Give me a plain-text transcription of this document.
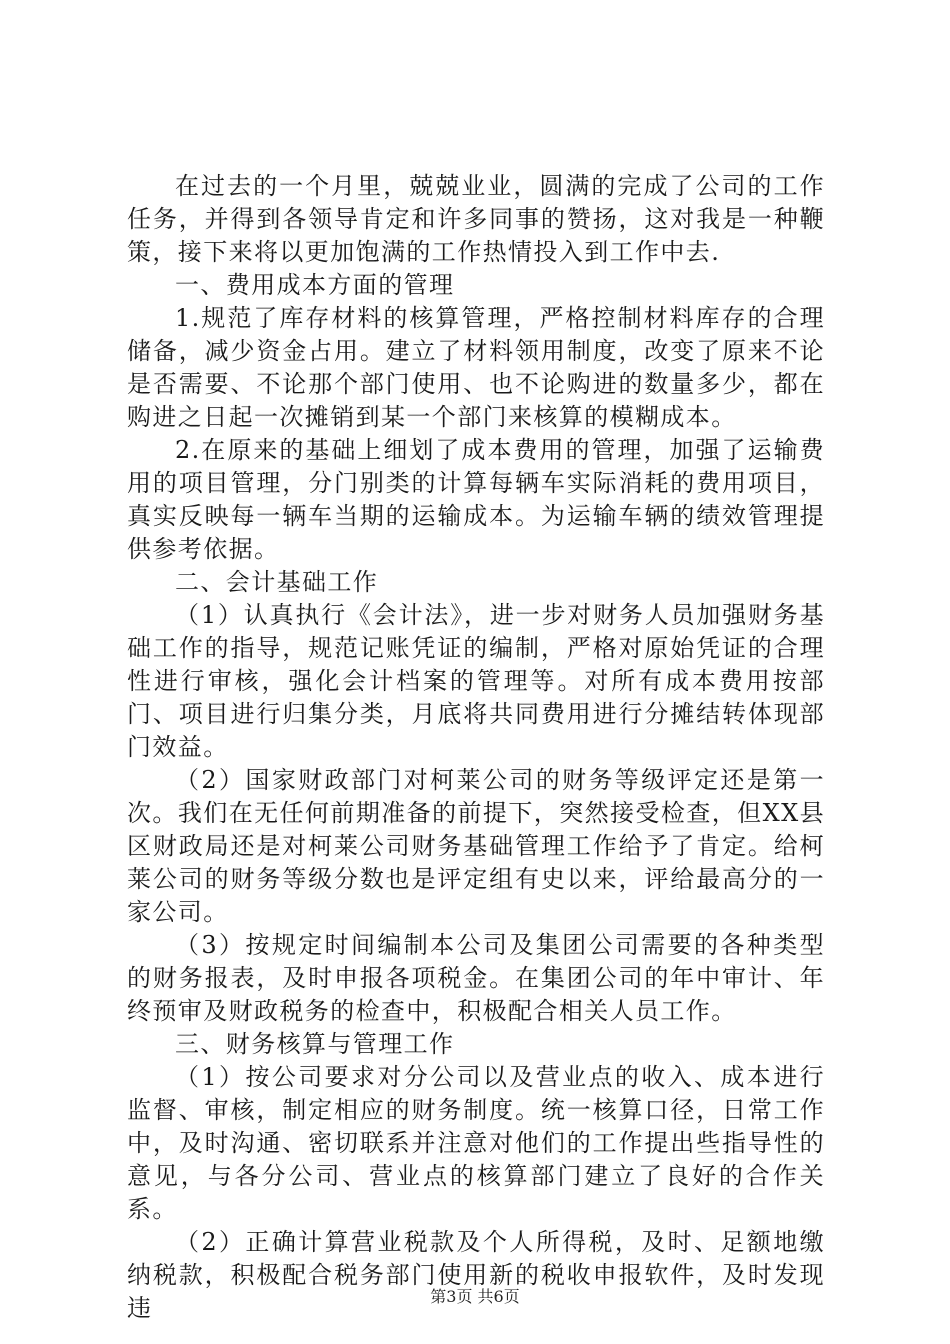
在过去的一个月里，兢兢业业，圆满的完成了公司的工作任务，并得到各领导肯定和许多同事的赞扬，这对我是一种鞭策，接下来将以更加饱满的工作热情投入到工作中去.

一、费用成本方面的管理

1.规范了库存材料的核算管理，严格控制材料库存的合理储备，减少资金占用。建立了材料领用制度，改变了原来不论是否需要、不论那个部门使用、也不论购进的数量多少，都在购进之日起一次摊销到某一个部门来核算的模糊成本。

2.在原来的基础上细划了成本费用的管理，加强了运输费用的项目管理，分门别类的计算每辆车实际消耗的费用项目，真实反映每一辆车当期的运输成本。为运输车辆的绩效管理提供参考依据。

二、会计基础工作

（1）认真执行《会计法》，进一步对财务人员加强财务基础工作的指导，规范记账凭证的编制，严格对原始凭证的合理性进行审核，强化会计档案的管理等。对所有成本费用按部门、项目进行归集分类，月底将共同费用进行分摊结转体现部门效益。

（2）国家财政部门对柯莱公司的财务等级评定还是第一次。我们在无任何前期准备的前提下，突然接受检查，但XX县区财政局还是对柯莱公司财务基础管理工作给予了肯定。给柯莱公司的财务等级分数也是评定组有史以来，评给最高分的一家公司。

（3）按规定时间编制本公司及集团公司需要的各种类型的财务报表，及时申报各项税金。在集团公司的年中审计、年终预审及财政税务的检查中，积极配合相关人员工作。

三、财务核算与管理工作

（1）按公司要求对分公司以及营业点的收入、成本进行监督、审核，制定相应的财务制度。统一核算口径，日常工作中，及时沟通、密切联系并注意对他们的工作提出些指导性的意见，与各分公司、营业点的核算部门建立了良好的合作关系。

（2）正确计算营业税款及个人所得税，及时、足额地缴纳税款，积极配合税务部门使用新的税收申报软件，及时发现违	第3页 共6页
